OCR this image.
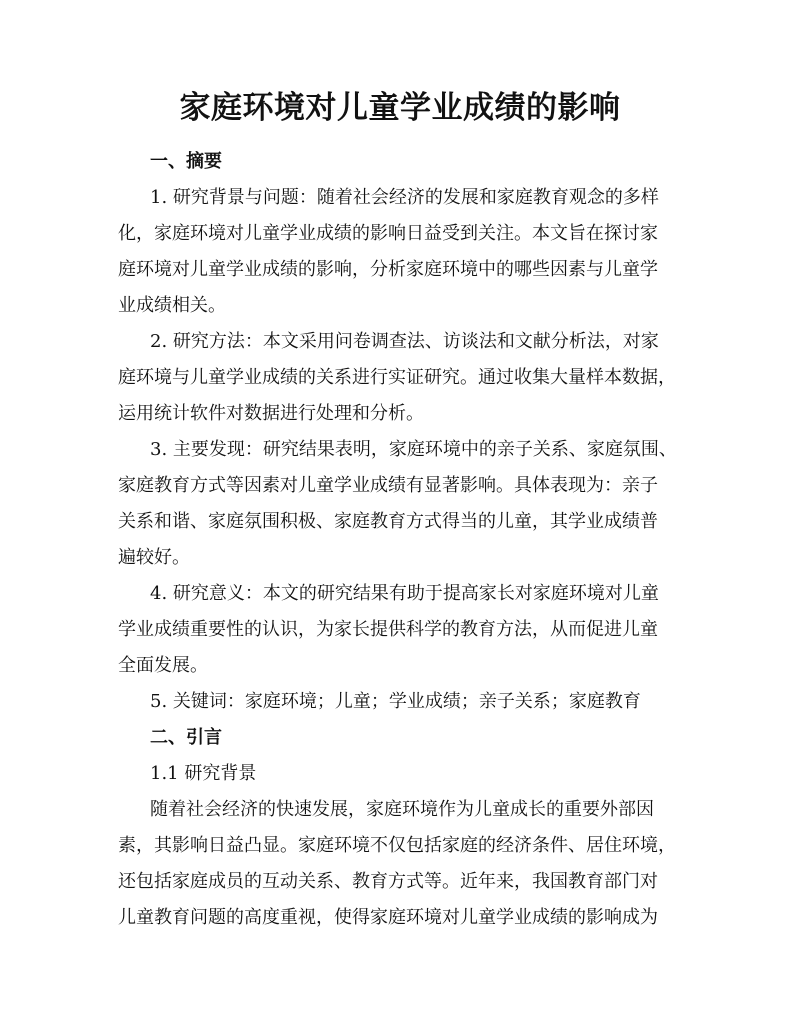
家庭环境对儿童学业成绩的影响
一、摘要
1. 研究背景与问题：随着社会经济的发展和家庭教育观念的多样
化，家庭环境对儿童学业成绩的影响日益受到关注。本文旨在探讨家
庭环境对儿童学业成绩的影响，分析家庭环境中的哪些因素与儿童学
业成绩相关。
2. 研究方法：本文采用问卷调查法、访谈法和文献分析法，对家
庭环境与儿童学业成绩的关系进行实证研究。通过收集大量样本数据，
运用统计软件对数据进行处理和分析。
3. 主要发现：研究结果表明，家庭环境中的亲子关系、家庭氛围、
家庭教育方式等因素对儿童学业成绩有显著影响。具体表现为：亲子
关系和谐、家庭氛围积极、家庭教育方式得当的儿童，其学业成绩普
遍较好。
4. 研究意义：本文的研究结果有助于提高家长对家庭环境对儿童
学业成绩重要性的认识，为家长提供科学的教育方法，从而促进儿童
全面发展。
5. 关键词：家庭环境；儿童；学业成绩；亲子关系；家庭教育
二、引言
1.1 研究背景
随着社会经济的快速发展，家庭环境作为儿童成长的重要外部因
素，其影响日益凸显。家庭环境不仅包括家庭的经济条件、居住环境，
还包括家庭成员的互动关系、教育方式等。近年来，我国教育部门对
儿童教育问题的高度重视，使得家庭环境对儿童学业成绩的影响成为
